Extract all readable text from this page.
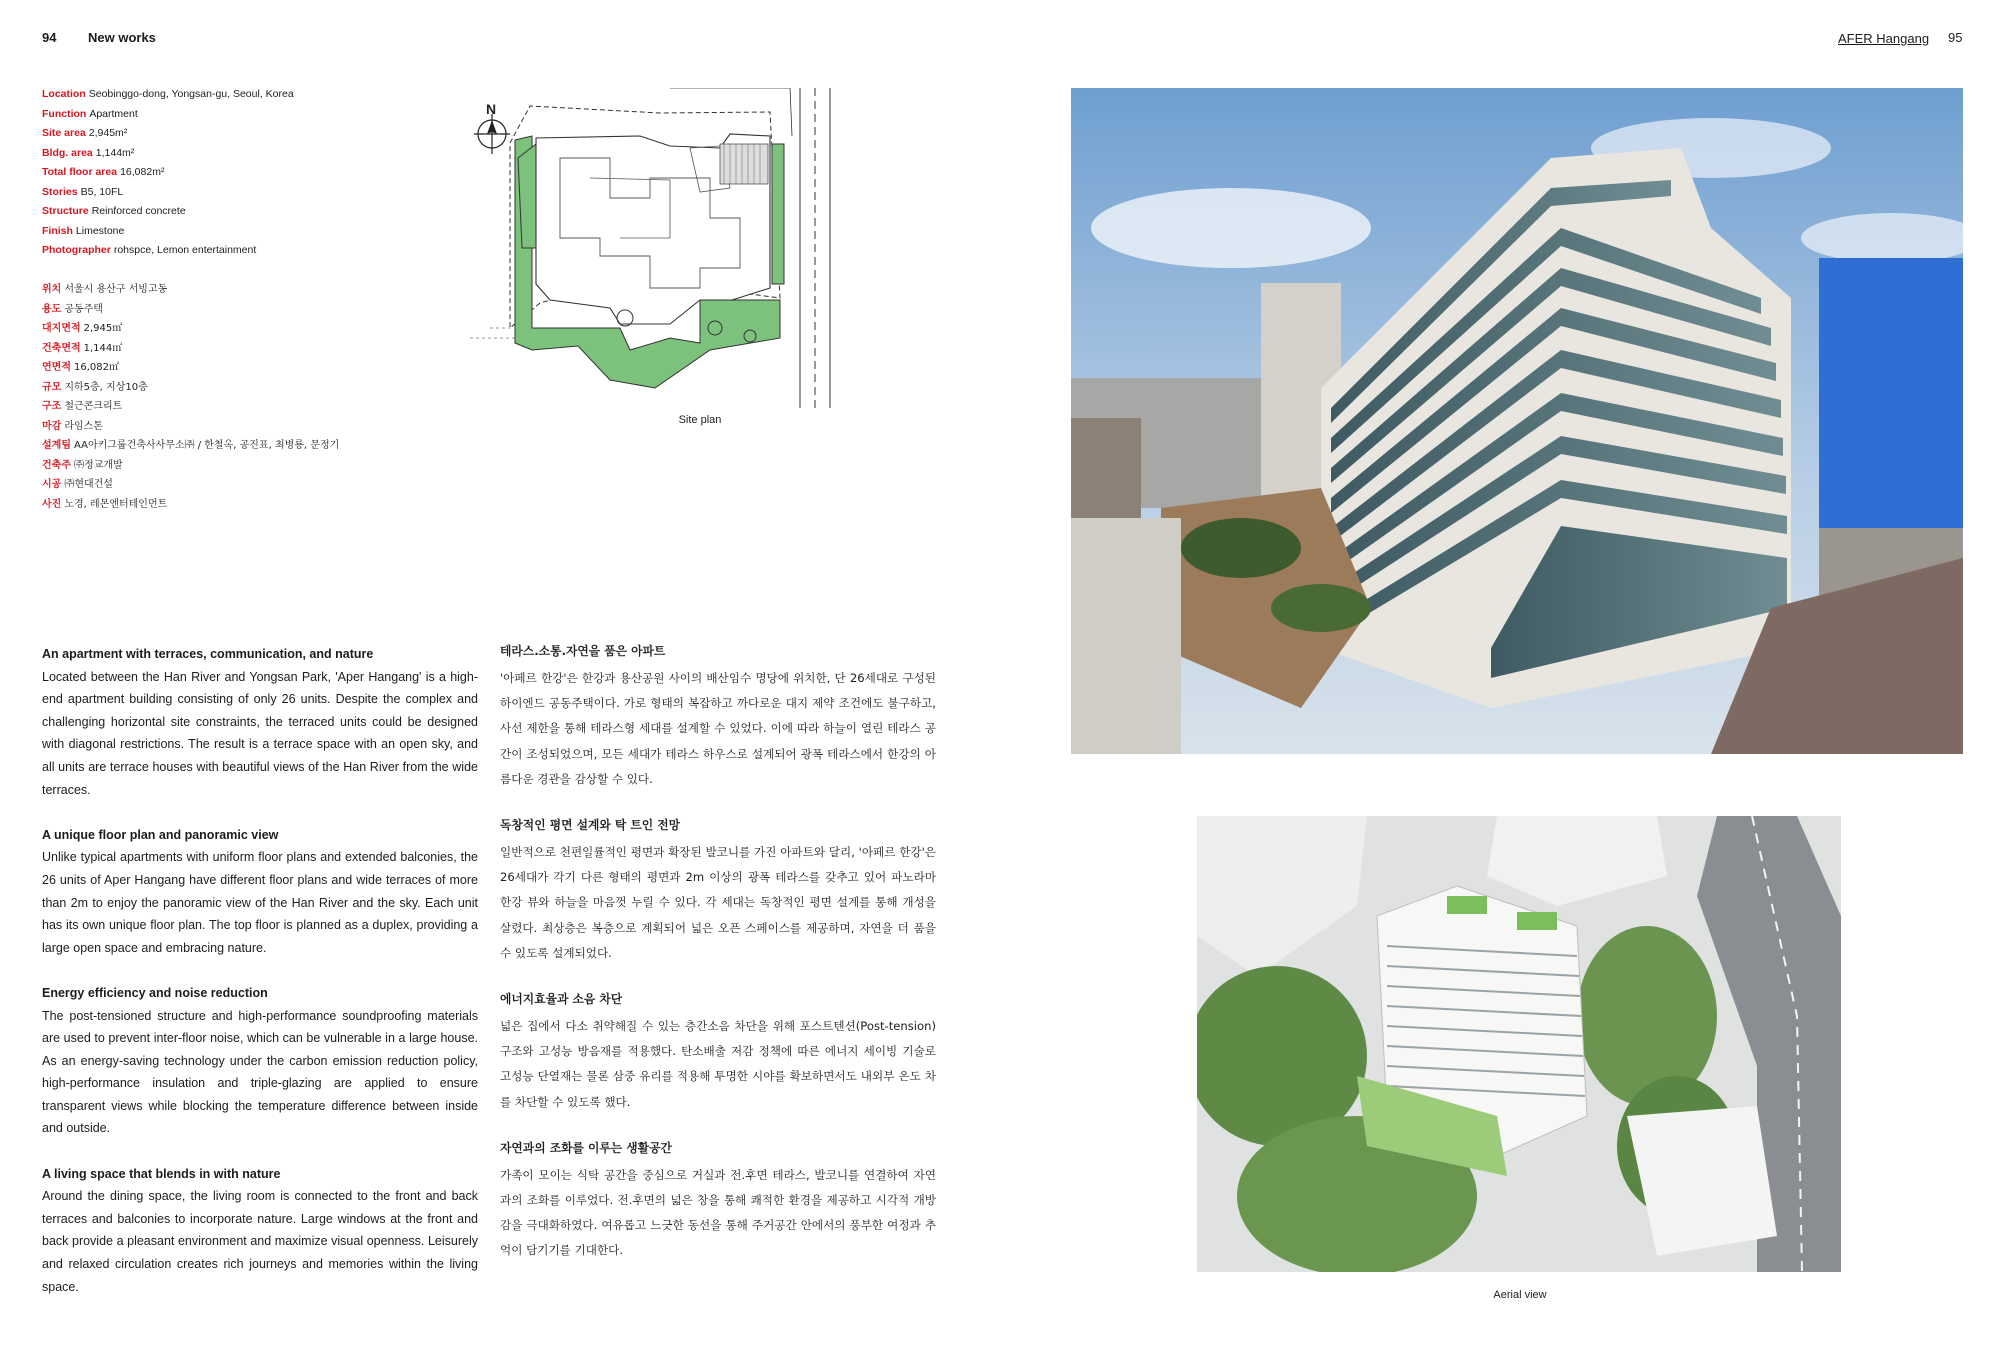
94 New works	AFER Hangang 95
Location Seobinggo-dong, Yongsan-gu, Seoul, Korea
Function Apartment
Site area 2,945m²
Bldg. area 1,144m²
Total floor area 16,082m²
Stories B5, 10FL
Structure Reinforced concrete
Finish Limestone
Photographer rohspce, Lemon entertainment
위치 서울시 용산구 서빙고동
용도 공동주택
대지면적 2,945㎡
건축면적 1,144㎡
연면적 16,082㎡
규모 지하5층, 지상10층
구조 철근콘크리트
마감 라임스톤
설계팀 AA아키그룹건축사사무소㈜ / 한철옥, 공진표, 최병룡, 문정기
건축주 ㈜정교개발
시공 ㈜현대건설
사진 노경, 레몬엔터테인먼트
N
Site plan
An apartment with terraces, communication, and nature

Located between the Han River and Yongsan Park, 'Aper Hangang' is a high-end apartment building consisting of only 26 units. Despite the complex and challenging horizontal site constraints, the terraced units could be designed with diagonal restrictions. The result is a terrace space with an open sky, and all units are terrace houses with beautiful views of the Han River from the wide terraces.

A unique floor plan and panoramic view

Unlike typical apartments with uniform floor plans and extended balconies, the 26 units of Aper Hangang have different floor plans and wide terraces of more than 2m to enjoy the panoramic view of the Han River and the sky. Each unit has its own unique floor plan. The top floor is planned as a duplex, providing a large open space and embracing nature.

Energy efficiency and noise reduction

The post-tensioned structure and high-performance soundproofing materials are used to prevent inter-floor noise, which can be vulnerable in a large house. As an energy-saving technology under the carbon emission reduction policy, high-performance insulation and triple-glazing are applied to ensure transparent views while blocking the temperature difference between inside and outside.

A living space that blends in with nature

Around the dining space, the living room is connected to the front and back terraces and balconies to incorporate nature. Large windows at the front and back provide a pleasant environment and maximize visual openness. Leisurely and relaxed circulation creates rich journeys and memories within the living space.

테라스.소통.자연을 품은 아파트

'아페르 한강'은 한강과 용산공원 사이의 배산임수 명당에 위치한, 단 26세대로 구성된 하이엔드 공동주택이다. 가로 형태의 복잡하고 까다로운 대지 제약 조건에도 불구하고, 사선 제한을 통해 테라스형 세대를 설계할 수 있었다. 이에 따라 하늘이 열린 테라스 공간이 조성되었으며, 모든 세대가 테라스 하우스로 설계되어 광폭 테라스에서 한강의 아름다운 경관을 감상할 수 있다.

독창적인 평면 설계와 탁 트인 전망

일반적으로 천편일률적인 평면과 확장된 발코니를 가진 아파트와 달리, '아페르 한강'은 26세대가 각기 다른 형태의 평면과 2m 이상의 광폭 테라스를 갖추고 있어 파노라마 한강 뷰와 하늘을 마음껏 누릴 수 있다. 각 세대는 독창적인 평면 설계를 통해 개성을 살렸다. 최상층은 복층으로 계획되어 넓은 오픈 스페이스를 제공하며, 자연을 더 품을 수 있도록 설계되었다.

에너지효율과 소음 차단

넓은 집에서 다소 취약해질 수 있는 층간소음 차단을 위해 포스트텐션(Post-tension) 구조와 고성능 방음재를 적용했다. 탄소배출 저감 정책에 따른 에너지 세이빙 기술로 고성능 단열재는 물론 삼중 유리를 적용해 투명한 시야를 확보하면서도 내외부 온도 차를 차단할 수 있도록 했다.

자연과의 조화를 이루는 생활공간

가족이 모이는 식탁 공간을 중심으로 거실과 전.후면 테라스, 발코니를 연결하여 자연과의 조화를 이루었다. 전.후면의 넓은 창을 통해 쾌적한 환경을 제공하고 시각적 개방감을 극대화하였다. 여유롭고 느긋한 동선을 통해 주거공간 안에서의 풍부한 여정과 추억이 담기기를 기대한다.

Aerial view
